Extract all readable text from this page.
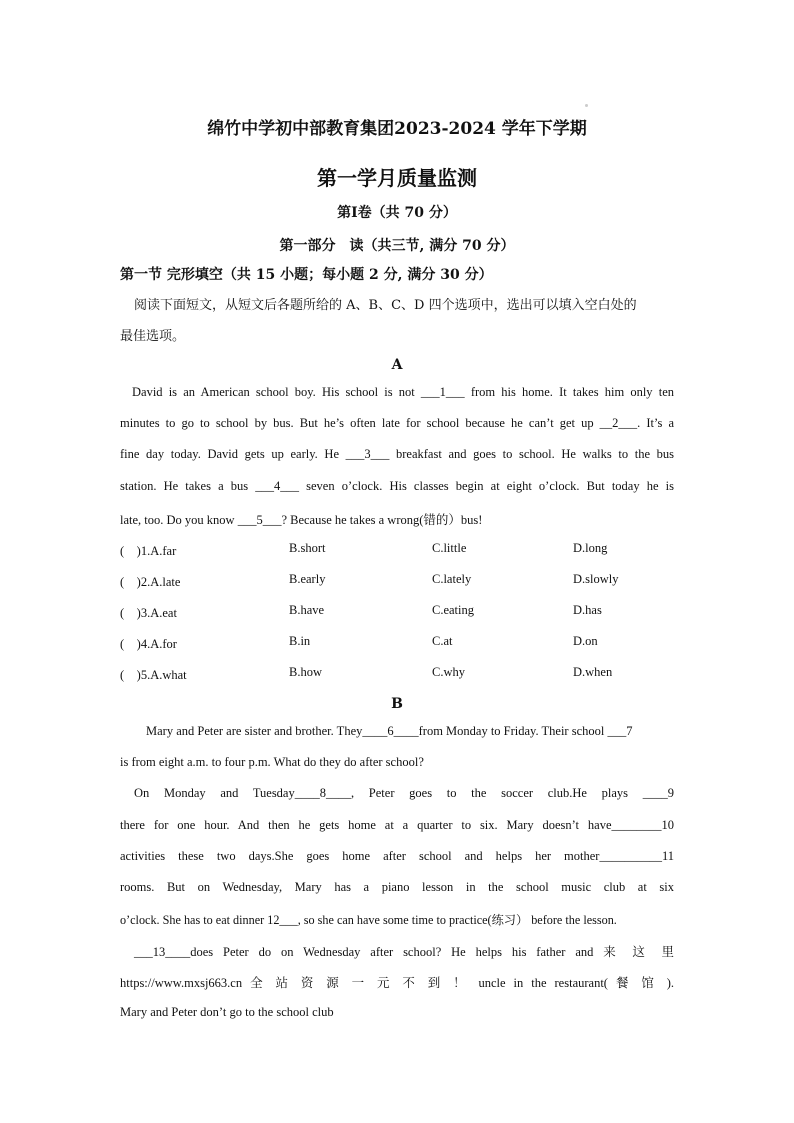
绵竹中学初中部教育集团2023-2024 学年下学期
第一学月质量监测
第Ⅰ卷（共 70 分）
第一部分　读（共三节, 满分 70 分）
第一节 完形填空（共 15 小题；每小题 2 分, 满分 30 分）
阅读下面短文，从短文后各题所给的 A、B、C、D 四个选项中，选出可以填入空白处的
最佳选项。
A
David is an American school boy. His school is not ___1___ from his home. It takes him only ten
minutes to go to school by bus. But he’s often late for school because he can’t get up __2___. It’s a
fine day today. David gets up early. He ___3___ breakfast and goes to school. He walks to the bus
station. He takes a bus ___4___ seven o’clock. His classes begin at eight o’clock. But today he is
late, too. Do you know ___5___? Because he takes a wrong(错的）bus!
(　)1.A.far	B.short	C.little	D.long
(　)2.A.late	B.early	C.lately	D.slowly
(　)3.A.eat	B.have	C.eating	D.has
(　)4.A.for	B.in	C.at	D.on
(　)5.A.what	B.how	C.why	D.when
B
Mary and Peter are sister and brother. They____6____from Monday to Friday. Their school ___7
is from eight a.m. to four p.m. What do they do after school?
On Monday and Tuesday____8____, Peter goes to the soccer club.He plays ____9
there for one hour. And then he gets home at a quarter to six. Mary doesn’t have________10
activities these two days.She goes home after school and helps her mother__________11
rooms. But on Wednesday, Mary has a piano lesson in the school music club at six
o’clock. She has to eat dinner 12___, so she can have some time to practice(练习） before the lesson.
___13____does Peter do on Wednesday after school? He helps his father and 来 这 里
https://www.mxsj663.cn 全 站 资 源 一 元 不 到 ！ uncle in the restaurant( 餐 馆 ).
Mary and Peter don’t go to the school club
